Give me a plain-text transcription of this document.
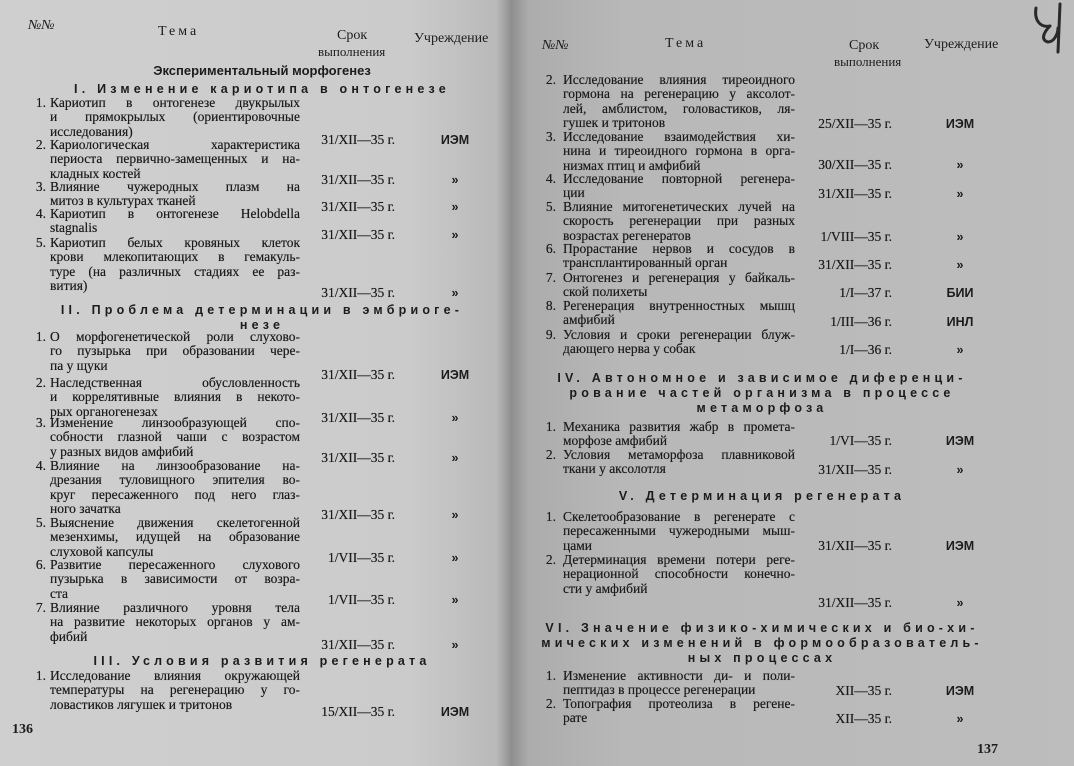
№№	Тема	Срок
выполнения
Учреждение
136
Экспериментальный морфогенез
I. Изменение кариотипа в онтогенезе
1. Кариотип в онтогенезе двукрылых
и прямокрылых (ориентировочные
исследования)
31/XII—35 г.	ИЭМ
2. Кариологическая характеристика
периоста первично-замещенных и на-
кладных костей	31/XII—35 г.	»
3. Влияние чужеродных плазм на
митоз в культурах тканей	31/XII—35 г.	»
4. Кариотип в онтогенезе Helobdella
stagnalis	31/XII—35 г.	»
5. Кариотип белых кровяных клеток
крови млекопитающих в гемакуль-
туре (на различных стадиях ее раз-
вития)	31/XII—35 г.	»
II. Проблема детерминации в эмбриоге-
незе
1. О морфогенетической роли слухово-
го пузырька при образовании чере-
па у щуки
31/XII—35 г.	ИЭМ
2. Наследственная обусловленность
и коррелятивные влияния в некото-
рых органогенезах	31/XII—35 г.	»
3. Изменение линзообразующей спо-
собности глазной чаши с возрастом
у разных видов амфибий	31/XII—35 г.	»
4. Влияние на линзообразование на-
дрезания туловищного эпителия во-
круг пересаженного под него глаз-
ного зачатка	31/XII—35 г.	»
5. Выяснение движения скелетогенной
мезенхимы, идущей на образование
слуховой капсулы	1/VII—35 г.	»
6. Развитие пересаженного слухового
пузырька в зависимости от возра-
ста	1/VII—35 г.	»
7. Влияние различного уровня тела
на развитие некоторых органов у ам-
фибий
31/XII—35 г.	»
III. Условия развития регенерата
1. Исследование влияния окружающей
температуры на регенерацию у го-
ловастиков лягушек и тритонов	15/XII—35 г.	ИЭМ
№№	Тема	Срок
выполнения
Учреждение
137
2. Исследование влияния тиреоидного
гормона на регенерацию у аксолот-
лей, амблистом, головастиков, ля-
гушек и тритонов	25/XII—35 г.	ИЭМ
3. Исследование взаимодействия хи-
нина и тиреоидного гормона в орга-
низмах птиц и амфибий	30/XII—35 г.	»
4. Исследование повторной регенера-
ции	31/XII—35 г.	»
5. Влияние митогенетических лучей на
скорость регенерации при разных
возрастах регенератов	1/VIII—35 г.	»
6. Прорастание нервов и сосудов в
трансплантированный орган	31/XII—35 г.	»
7. Онтогенез и регенерация у байкаль-
ской полихеты	1/I—37 г.	БИИ
8. Регенерация внутренностных мышц
амфибий	1/III—36 г.	ИНЛ
9. Условия и сроки регенерации блуж-
дающего нерва у собак	1/I—36 г.	»
IV. Автономное и зависимое диференци-
рование частей организма в процессе
метаморфоза
1. Механика развития жабр в промета-
морфозе амфибий	1/VI—35 г.	ИЭМ
2. Условия метаморфоза плавниковой
ткани у аксолотля	31/XII—35 г.	»
V. Детерминация регенерата
1. Скелетообразование в регенерате с
пересаженными чужеродными мыш-
цами	31/XII—35 г.	ИЭМ
2. Детерминация времени потери реге-
нерационной способности конечно-
сти у амфибий
31/XII—35 г.	»
VI. Значение физико-химических и био-хи-
мических изменений в формообразователь-
ных процессах
1. Изменение активности ди- и поли-
пептидаз в процессе регенерации	XII—35 г.	ИЭМ
2. Топография протеолиза в регене-
рате	XII—35 г.	»
